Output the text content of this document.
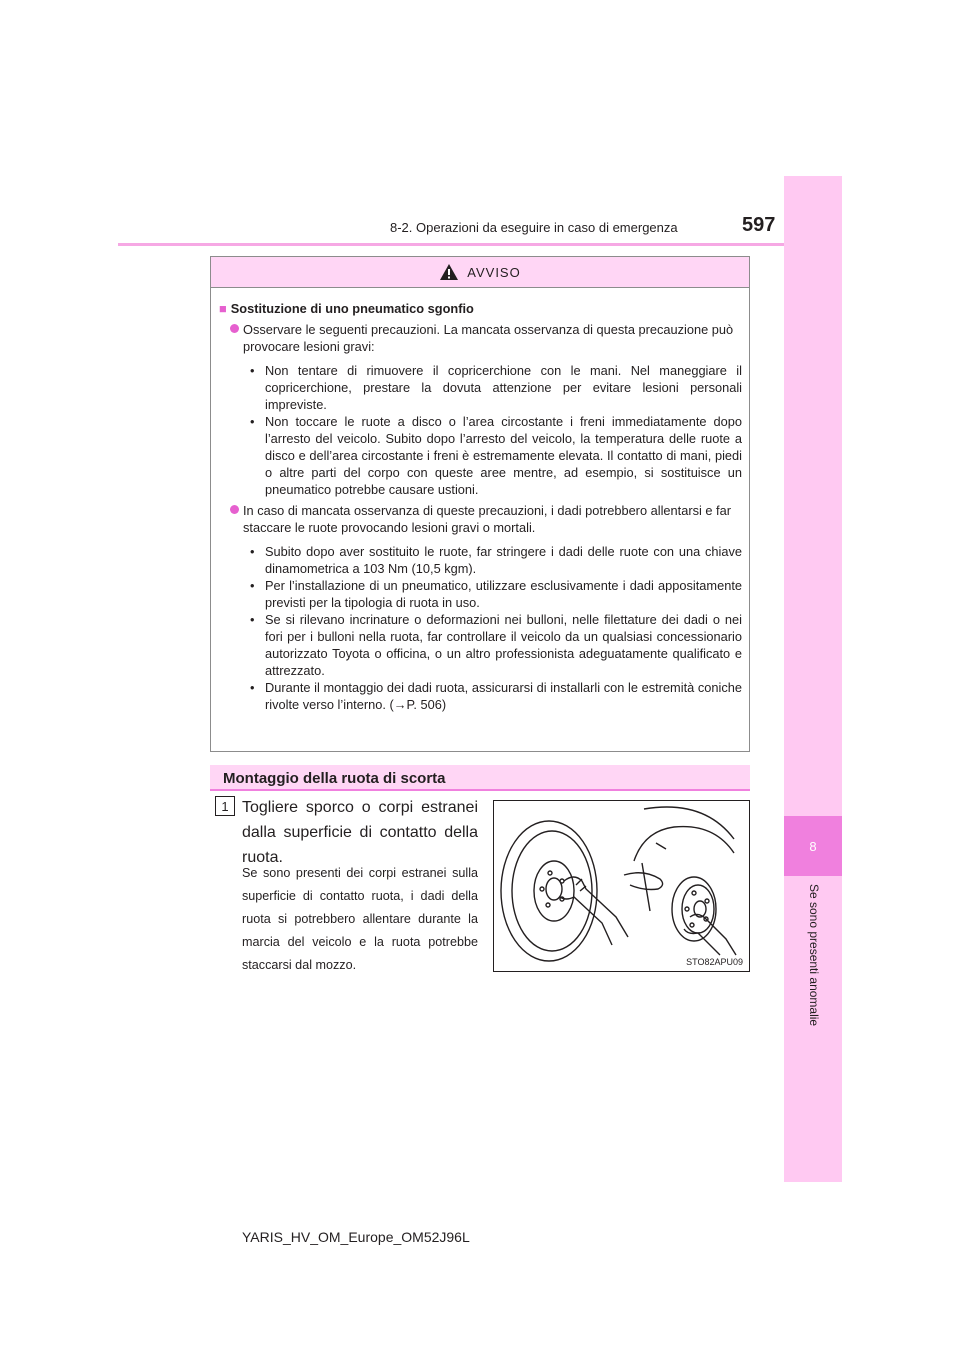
8
Se sono presenti anomalie
8-2. Operazioni da eseguire in caso di emergenza	597
AVVISO
■ Sostituzione di uno pneumatico sgonfio
Osservare le seguenti precauzioni. La mancata osservanza di questa precauzione può provocare lesioni gravi:
• Non tentare di rimuovere il copricerchione con le mani. Nel maneggiare il copricerchione, prestare la dovuta attenzione per evitare lesioni personali impreviste.
• Non toccare le ruote a disco o l’area circostante i freni immediatamente dopo l’arresto del veicolo. Subito dopo l’arresto del veicolo, la temperatura delle ruote a disco e dell’area circostante i freni è estremamente elevata. Il contatto di mani, piedi o altre parti del corpo con queste aree mentre, ad esempio, si sostituisce un pneumatico potrebbe causare ustioni.
In caso di mancata osservanza di queste precauzioni, i dadi potrebbero allentarsi e far staccare le ruote provocando lesioni gravi o mortali.
• Subito dopo aver sostituito le ruote, far stringere i dadi delle ruote con una chiave dinamometrica a 103 Nm (10,5 kgm).
• Per l’installazione di un pneumatico, utilizzare esclusivamente i dadi appositamente previsti per la tipologia di ruota in uso.
• Se si rilevano incrinature o deformazioni nei bulloni, nelle filettature dei dadi o nei fori per i bulloni nella ruota, far controllare il veicolo da un qualsiasi concessionario autorizzato Toyota o officina, o un altro professionista adeguatamente qualificato e attrezzato.
• Durante il montaggio dei dadi ruota, assicurarsi di installarli con le estremità coniche rivolte verso l’interno. (→P. 506)
Montaggio della ruota di scorta
1 Togliere sporco o corpi estranei dalla superficie di contatto della ruota.
Se sono presenti dei corpi estranei sulla superficie di contatto ruota, i dadi della ruota si potrebbero allentare durante la marcia del veicolo e la ruota potrebbe staccarsi dal mozzo.	STO82APU09
YARIS_HV_OM_Europe_OM52J96L
